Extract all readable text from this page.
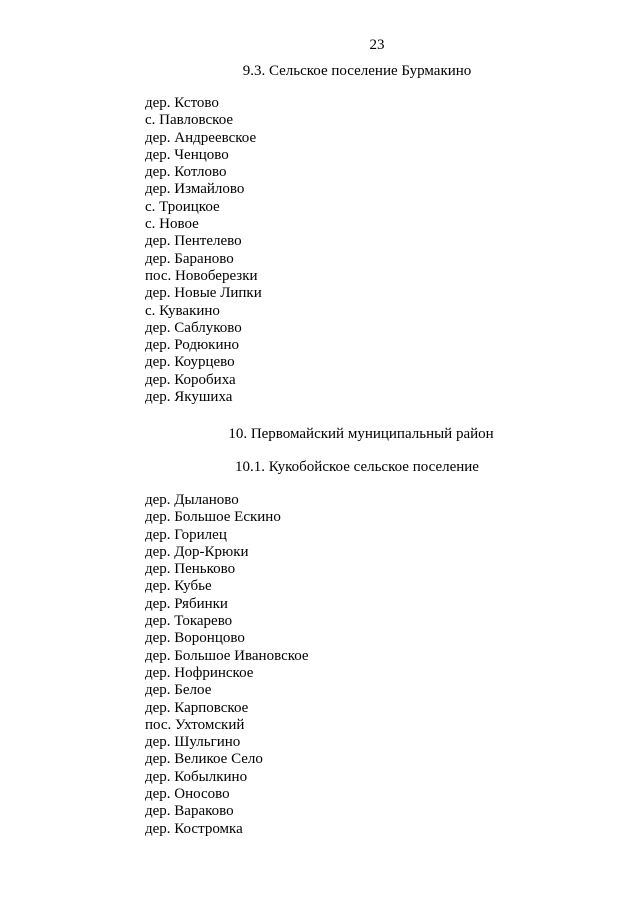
23
9.3. Сельское поселение Бурмакино
дер. Кстово
с. Павловское
дер. Андреевское
дер. Ченцово
дер. Котлово
дер. Измайлово
с. Троицкое
с. Новое
дер. Пентелево
дер. Бараново
пос. Новоберезки
дер. Новые Липки
с. Кувакино
дер. Саблуково
дер. Родюкино
дер. Коурцево
дер. Коробиха
дер. Якушиха
10. Первомайский муниципальный район
10.1. Кукобойское сельское поселение
дер. Дыланово
дер. Большое Ескино
дер. Горилец
дер. Дор-Крюки
дер. Пеньково
дер. Кубье
дер. Рябинки
дер. Токарево
дер. Воронцово
дер. Большое Ивановское
дер. Нофринское
дер. Белое
дер. Карповское
пос. Ухтомский
дер. Шульгино
дер. Великое Село
дер. Кобылкино
дер. Оносово
дер. Вараково
дер. Костромка
